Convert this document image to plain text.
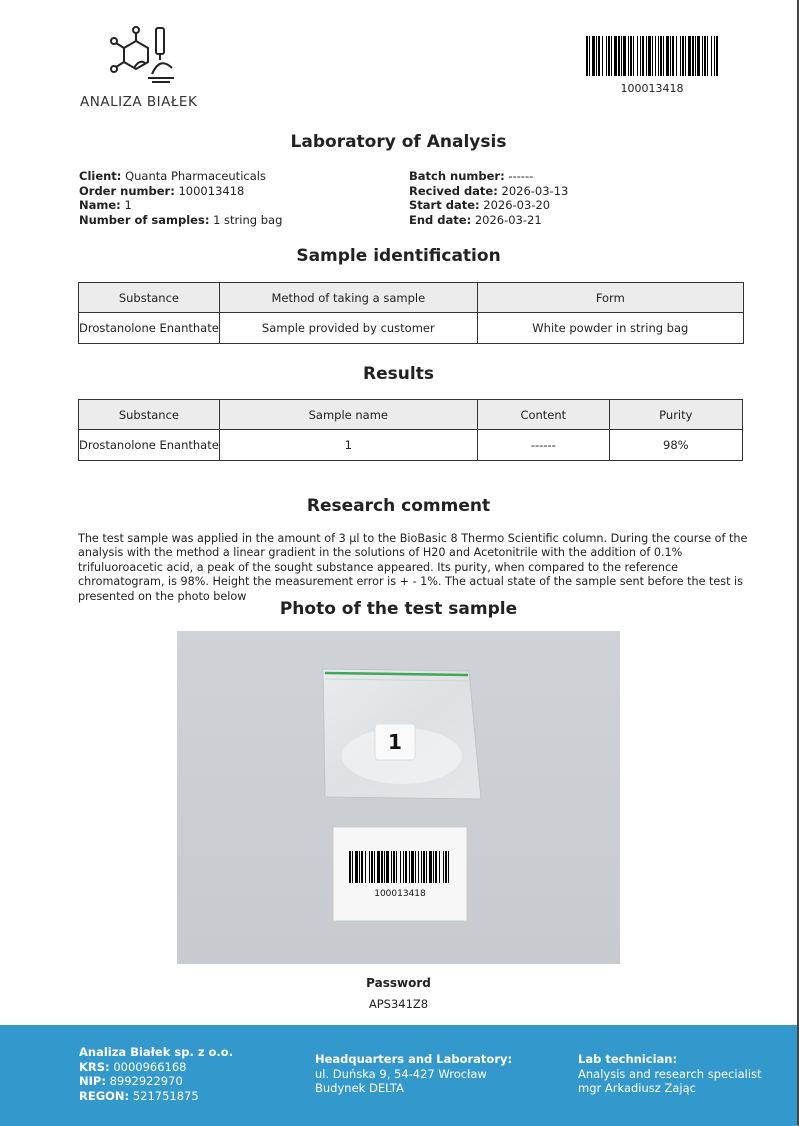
ANALIZA BIAŁEK
100013418
Laboratory of Analysis
Client: Quanta Pharmaceuticals
Order number: 100013418
Name: 1
Number of samples: 1 string bag
Batch number: ------
Recived date: 2026-03-13
Start date: 2026-03-20
End date: 2026-03-21
Sample identification
Substance	Method of taking a sample	Form
Drostanolone Enanthate	Sample provided by customer	White powder in string bag
Results
Substance	Sample name	Content	Purity
Drostanolone Enanthate	1	------	98%
Research comment
The test sample was applied in the amount of 3 µl to the BioBasic 8 Thermo Scientific column. During the course of the analysis with the method a linear gradient in the solutions of H20 and Acetonitrile with the addition of 0.1% trifuluoroacetic acid, a peak of the sought substance appeared. Its purity, when compared to the reference chromatogram, is 98%. Height the measurement error is + - 1%. The actual state of the sample sent before the test is presented on the photo below
Photo of the test sample
1
100013418
Password
APS341Z8
Analiza Białek sp. z o.o.
KRS: 0000966168
NIP: 8992922970
REGON: 521751875
Headquarters and Laboratory:
ul. Duńska 9, 54-427 Wrocław
Budynek DELTA
Lab technician:
Analysis and research specialist
mgr Arkadiusz Zając
